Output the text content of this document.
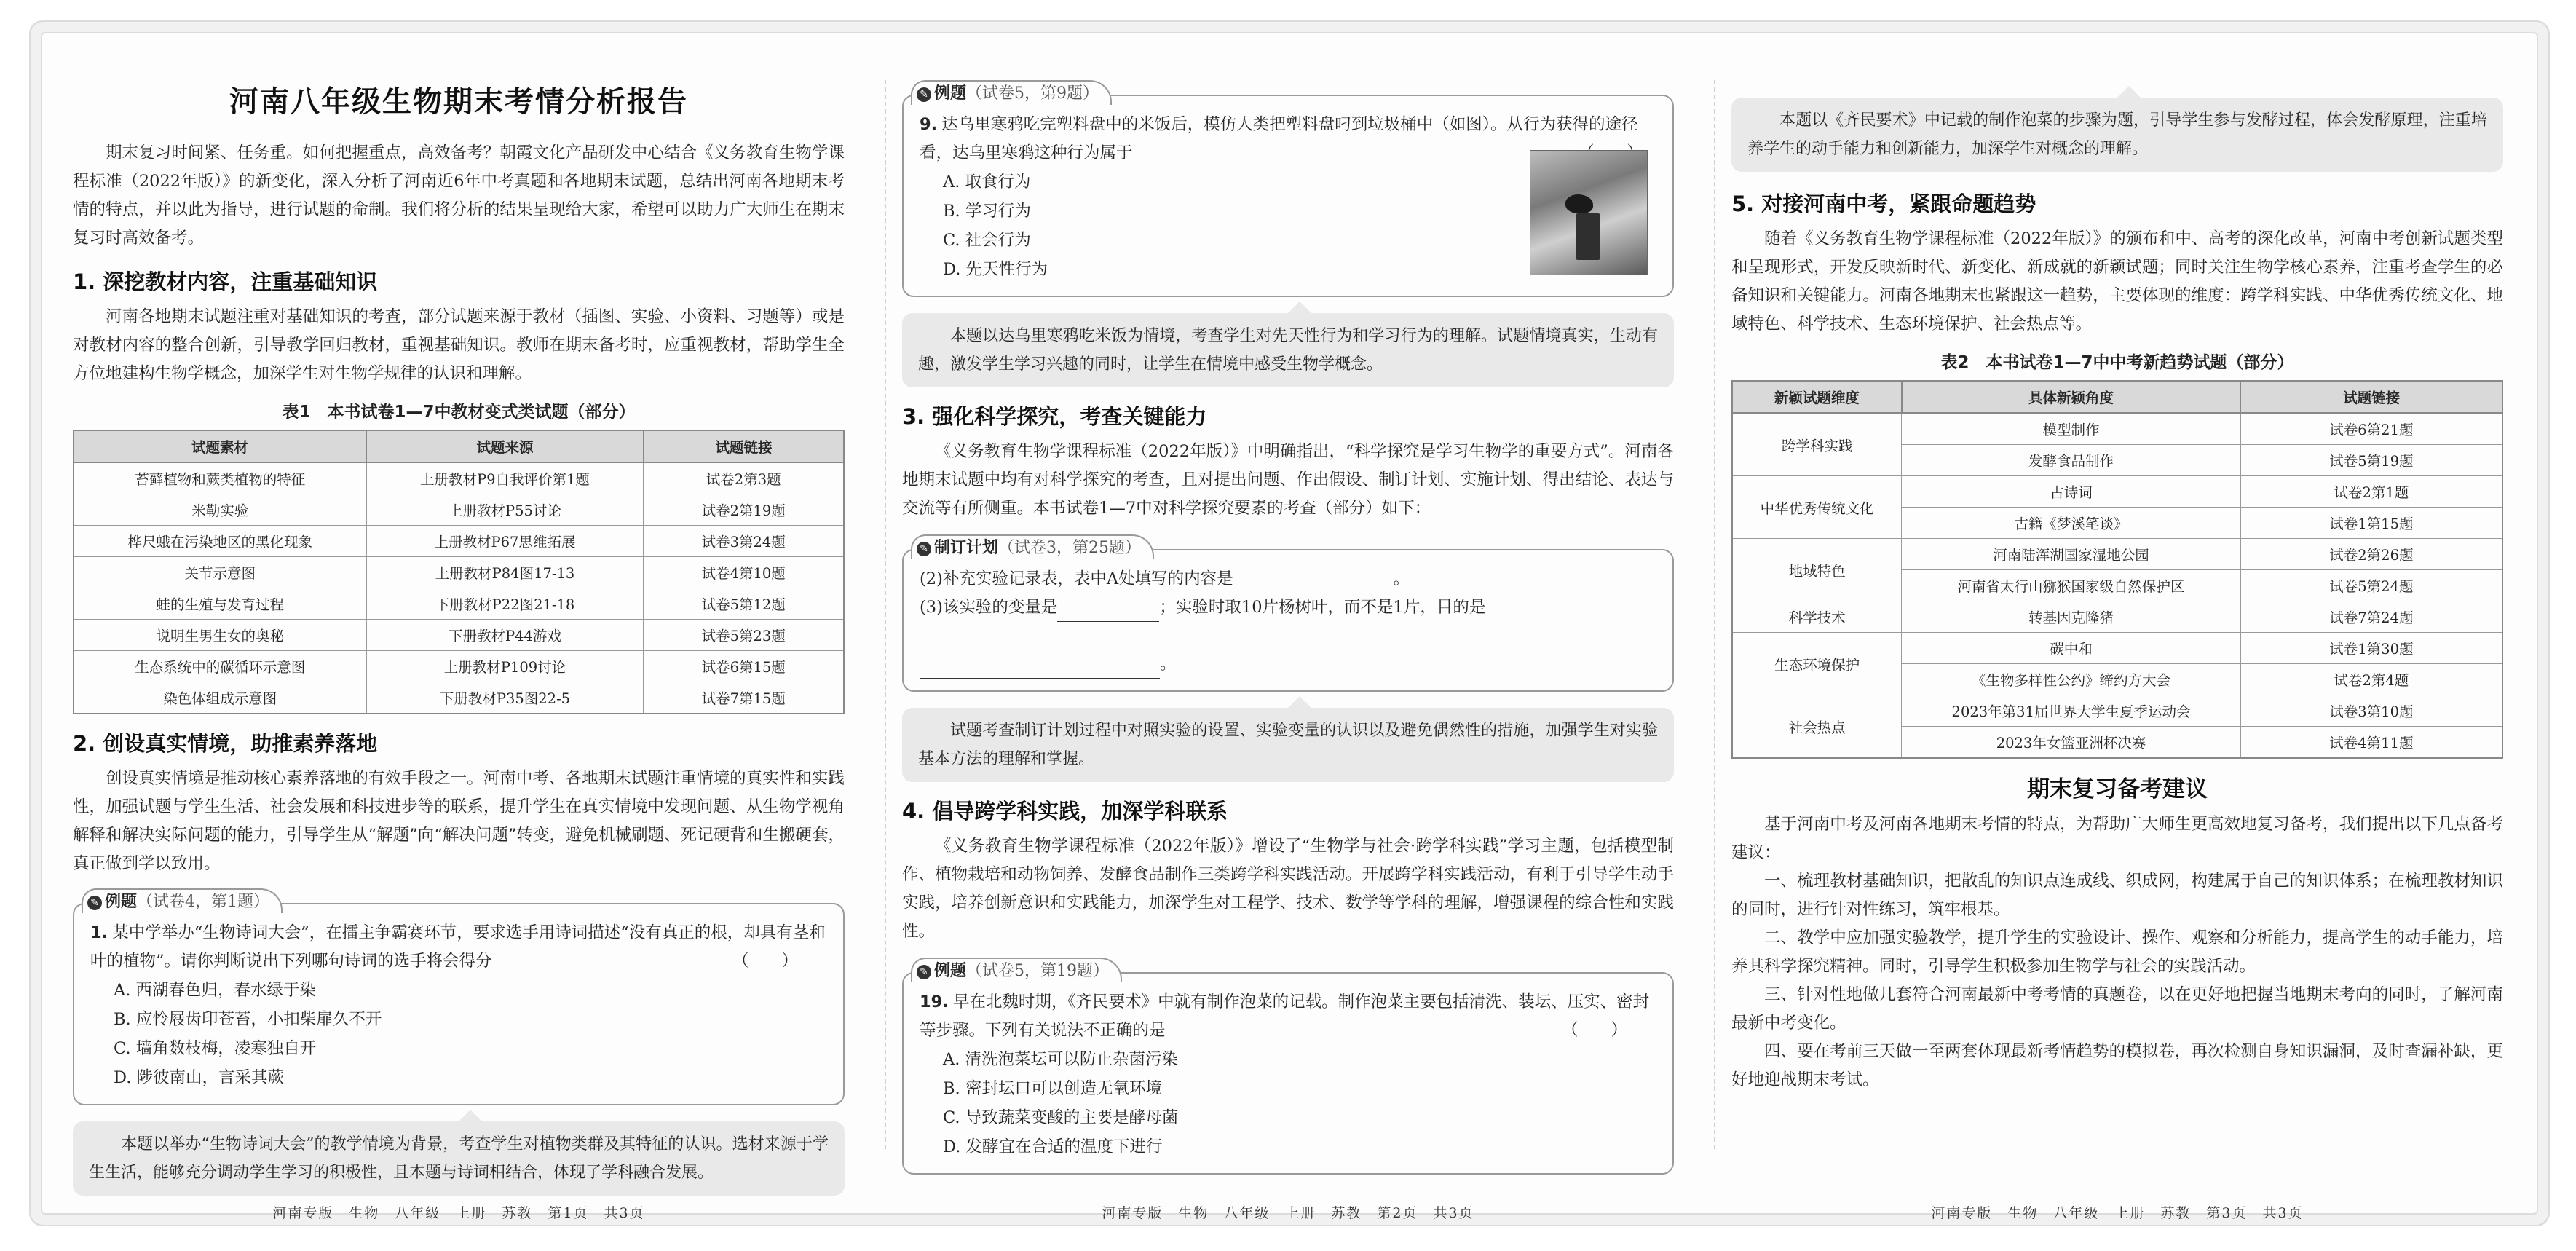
河南八年级生物期末考情分析报告

期末复习时间紧、任务重。如何把握重点，高效备考？朝霞文化产品研发中心结合《义务教育生物学课程标准（2022年版）》的新变化，深入分析了河南近6年中考真题和各地期末试题，总结出河南各地期末考情的特点，并以此为指导，进行试题的命制。我们将分析的结果呈现给大家，希望可以助力广大师生在期末复习时高效备考。

1. 深挖教材内容，注重基础知识

河南各地期末试题注重对基础知识的考查，部分试题来源于教材（插图、实验、小资料、习题等）或是对教材内容的整合创新，引导教学回归教材，重视基础知识。教师在期末备考时，应重视教材，帮助学生全方位地建构生物学概念，加深学生对生物学规律的认识和理解。

表1　本书试卷1—7中教材变式类试题（部分）
试题素材	试题来源	试题链接
苔藓植物和蕨类植物的特征	上册教材P9自我评价第1题	试卷2第3题
米勒实验	上册教材P55讨论	试卷2第19题
桦尺蛾在污染地区的黑化现象	上册教材P67思维拓展	试卷3第24题
关节示意图	上册教材P84图17-13	试卷4第10题
蛙的生殖与发育过程	下册教材P22图21-18	试卷5第12题
说明生男生女的奥秘	下册教材P44游戏	试卷5第23题
生态系统中的碳循环示意图	上册教材P109讨论	试卷6第15题
染色体组成示意图	下册教材P35图22-5	试卷7第15题
2. 创设真实情境，助推素养落地

创设真实情境是推动核心素养落地的有效手段之一。河南中考、各地期末试题注重情境的真实性和实践性，加强试题与学生生活、社会发展和科技进步等的联系，提升学生在真实情境中发现问题、从生物学视角解释和解决实际问题的能力，引导学生从“解题”向“解决问题”转变，避免机械刷题、死记硬背和生搬硬套，真正做到学以致用。

✎ 例题（试卷4，第1题）
1. 某中学举办“生物诗词大会”，在擂主争霸赛环节，要求选手用诗词描述“没有真正的根，却具有茎和叶的植物”。请你判断说出下列哪句诗词的选手将会得分	（　　）
A. 西湖春色归，春水绿于染
B. 应怜屐齿印苍苔，小扣柴扉久不开
C. 墙角数枝梅，凌寒独自开
D. 陟彼南山，言采其蕨
本题以举办“生物诗词大会”的教学情境为背景，考查学生对植物类群及其特征的认识。选材来源于学生生活，能够充分调动学生学习的积极性，且本题与诗词相结合，体现了学科融合发展。
河南专版　生物　八年级　上册　苏教　第1页　共3页
✎ 例题（试卷5，第9题）
9. 达乌里寒鸦吃完塑料盘中的米饭后，模仿人类把塑料盘叼到垃圾桶中（如图）。从行为获得的途径看，达乌里寒鸦这种行为属于
A. 取食行为
B. 学习行为
C. 社会行为
D. 先天性行为
本题以达乌里寒鸦吃米饭为情境，考查学生对先天性行为和学习行为的理解。试题情境真实，生动有趣，激发学生学习兴趣的同时，让学生在情境中感受生物学概念。
3. 强化科学探究，考查关键能力

《义务教育生物学课程标准（2022年版）》中明确指出，“科学探究是学习生物学的重要方式”。河南各地期末试题中均有对科学探究的考查，且对提出问题、作出假设、制订计划、实施计划、得出结论、表达与交流等有所侧重。本书试卷1—7中对科学探究要素的考查（部分）如下：

✎ 制订计划（试卷3，第25题）
(2)补充实验记录表，表中A处填写的内容是	。
(3)该实验的变量是	；实验时取10片杨树叶，而不是1片，目的是
。
试题考查制订计划过程中对照实验的设置、实验变量的认识以及避免偶然性的措施，加强学生对实验基本方法的理解和掌握。
4. 倡导跨学科实践，加深学科联系

《义务教育生物学课程标准（2022年版）》增设了“生物学与社会·跨学科实践”学习主题，包括模型制作、植物栽培和动物饲养、发酵食品制作三类跨学科实践活动。开展跨学科实践活动，有利于引导学生动手实践，培养创新意识和实践能力，加深学生对工程学、技术、数学等学科的理解，增强课程的综合性和实践性。

✎ 例题（试卷5，第19题）
19. 早在北魏时期，《齐民要术》中就有制作泡菜的记载。制作泡菜主要包括清洗、装坛、压实、密封等步骤。下列有关说法不正确的是	（　　）
A. 清洗泡菜坛可以防止杂菌污染
B. 密封坛口可以创造无氧环境
C. 导致蔬菜变酸的主要是酵母菌
D. 发酵宜在合适的温度下进行
河南专版　生物　八年级　上册　苏教　第2页　共3页
本题以《齐民要术》中记载的制作泡菜的步骤为题，引导学生参与发酵过程，体会发酵原理，注重培养学生的动手能力和创新能力，加深学生对概念的理解。
5. 对接河南中考，紧跟命题趋势

随着《义务教育生物学课程标准（2022年版）》的颁布和中、高考的深化改革，河南中考创新试题类型和呈现形式，开发反映新时代、新变化、新成就的新颖试题；同时关注生物学核心素养，注重考查学生的必备知识和关键能力。河南各地期末也紧跟这一趋势，主要体现的维度：跨学科实践、中华优秀传统文化、地域特色、科学技术、生态环境保护、社会热点等。

表2　本书试卷1—7中中考新趋势试题（部分）
新颖试题维度	具体新颖角度	试题链接
跨学科实践	模型制作	试卷6第21题
	发酵食品制作	试卷5第19题
中华优秀传统文化	古诗词	试卷2第1题
	古籍《梦溪笔谈》	试卷1第15题
地域特色	河南陆浑湖国家湿地公园	试卷2第26题
	河南省太行山猕猴国家级自然保护区	试卷5第24题
科学技术	转基因克隆猪	试卷7第24题
生态环境保护	碳中和	试卷1第30题
	《生物多样性公约》缔约方大会	试卷2第4题
社会热点	2023年第31届世界大学生夏季运动会	试卷3第10题
	2023年女篮亚洲杯决赛	试卷4第11题
期末复习备考建议

基于河南中考及河南各地期末考情的特点，为帮助广大师生更高效地复习备考，我们提出以下几点备考建议：

一、梳理教材基础知识，把散乱的知识点连成线、织成网，构建属于自己的知识体系；在梳理教材知识的同时，进行针对性练习，筑牢根基。

二、教学中应加强实验教学，提升学生的实验设计、操作、观察和分析能力，提高学生的动手能力，培养其科学探究精神。同时，引导学生积极参加生物学与社会的实践活动。

三、针对性地做几套符合河南最新中考考情的真题卷，以在更好地把握当地期末考向的同时，了解河南最新中考变化。

四、要在考前三天做一至两套体现最新考情趋势的模拟卷，再次检测自身知识漏洞，及时查漏补缺，更好地迎战期末考试。

河南专版　生物　八年级　上册　苏教　第3页　共3页
